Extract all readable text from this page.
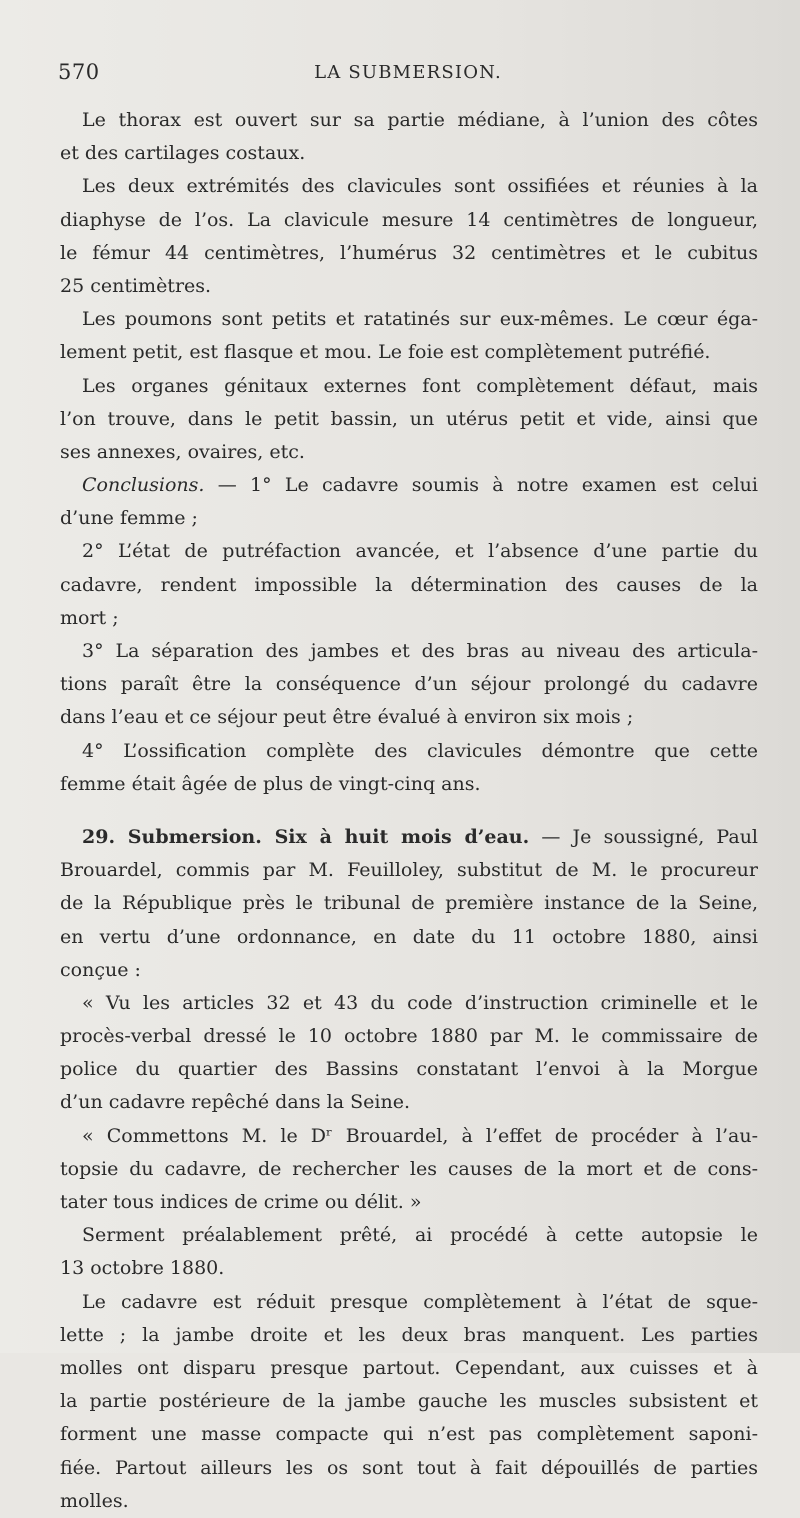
570	LA SUBMERSION.
Le thorax est ouvert sur sa partie médiane, à l’union des côtes
et des cartilages costaux.
Les deux extrémités des clavicules sont ossifiées et réunies à la
diaphyse de l’os. La clavicule mesure 14 centimètres de longueur,
le fémur 44 centimètres, l’humérus 32 centimètres et le cubitus
25 centimètres.
Les poumons sont petits et ratatinés sur eux-mêmes. Le cœur éga-
lement petit, est flasque et mou. Le foie est complètement putréfié.
Les organes génitaux externes font complètement défaut, mais
l’on trouve, dans le petit bassin, un utérus petit et vide, ainsi que
ses annexes, ovaires, etc.
Conclusions. — 1° Le cadavre soumis à notre examen est celui
d’une femme ;
2° L’état de putréfaction avancée, et l’absence d’une partie du
cadavre, rendent impossible la détermination des causes de la
mort ;
3° La séparation des jambes et des bras au niveau des articula-
tions paraît être la conséquence d’un séjour prolongé du cadavre
dans l’eau et ce séjour peut être évalué à environ six mois ;
4° L’ossification complète des clavicules démontre que cette
femme était âgée de plus de vingt-cinq ans.
29. Submersion. Six à huit mois d’eau. — Je soussigné, Paul
Brouardel, commis par M. Feuilloley, substitut de M. le procureur
de la République près le tribunal de première instance de la Seine,
en vertu d’une ordonnance, en date du 11 octobre 1880, ainsi
conçue :
« Vu les articles 32 et 43 du code d’instruction criminelle et le
procès-verbal dressé le 10 octobre 1880 par M. le commissaire de
police du quartier des Bassins constatant l’envoi à la Morgue
d’un cadavre repêché dans la Seine.
« Commettons M. le Dʳ Brouardel, à l’effet de procéder à l’au-
topsie du cadavre, de rechercher les causes de la mort et de cons-
tater tous indices de crime ou délit. »
Serment préalablement prêté, ai procédé à cette autopsie le
13 octobre 1880.
Le cadavre est réduit presque complètement à l’état de sque-
lette ; la jambe droite et les deux bras manquent. Les parties
molles ont disparu presque partout. Cependant, aux cuisses et à
la partie postérieure de la jambe gauche les muscles subsistent et
forment une masse compacte qui n’est pas complètement saponi-
fiée. Partout ailleurs les os sont tout à fait dépouillés de parties
molles.
